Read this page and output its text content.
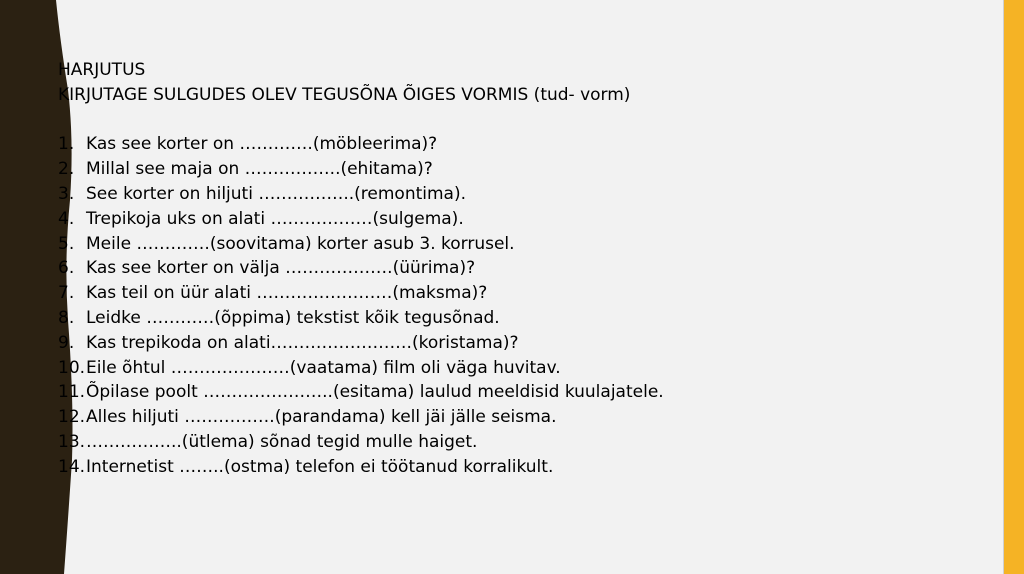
HARJUTUS
KIRJUTAGE SULGUDES OLEV TEGUSÕNA ÕIGES VORMIS (tud- vorm)
1. Kas see korter on ………….(möbleerima)?
2. Millal see maja on ……………..(ehitama)?
3. See korter on hiljuti ……………..(remontima).
4. Trepikoja uks on alati ………………(sulgema).
5. Meile ………….(soovitama) korter asub 3. korrusel.
6. Kas see korter on välja ……………….(üürima)?
7. Kas teil on üür alati ……………………(maksma)?
8. Leidke …………(õppima) tekstist kõik tegusõnad.
9. Kas trepikoda on alati…………………….(koristama)?
10. Eile õhtul …………………(vaatama) film oli väga huvitav.
11. Õpilase poolt …………………..(esitama) laulud meeldisid kuulajatele.
12. Alles hiljuti …………….(parandama) kell jäi jälle seisma.
13. ……………..(ütlema) sõnad tegid mulle haiget.
14. Internetist ……..(ostma) telefon ei töötanud korralikult.
